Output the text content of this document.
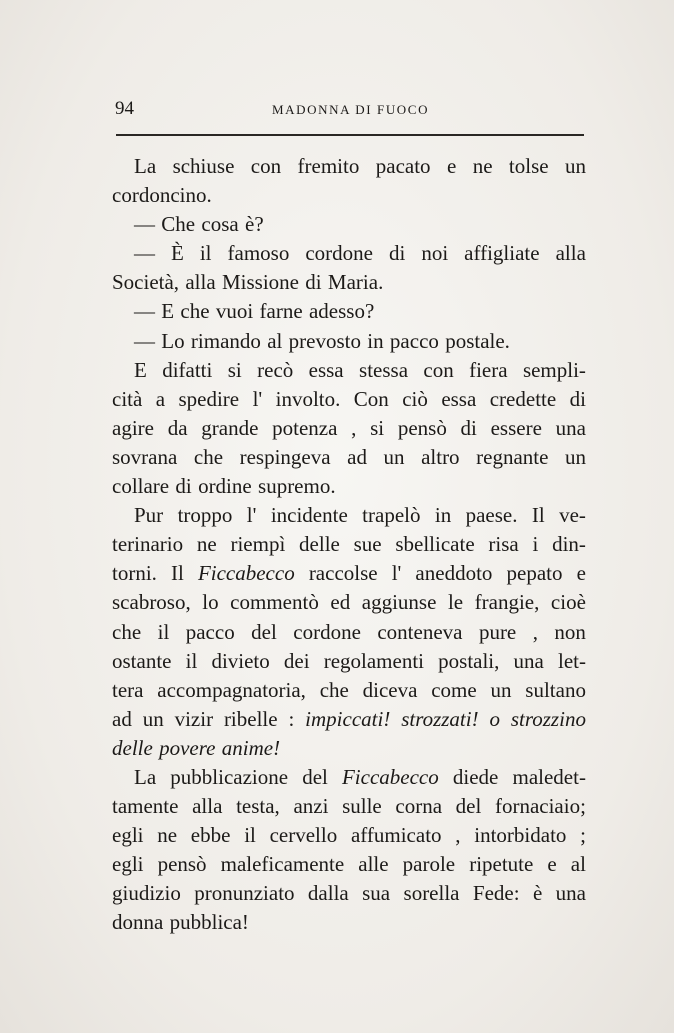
94	MADONNA DI FUOCO
La schiuse con fremito pacato e ne tolse un
cordoncino.
— Che cosa è?
— È il famoso cordone di noi affigliate alla
Società, alla Missione di Maria.
— E che vuoi farne adesso?
— Lo rimando al prevosto in pacco postale.
E difatti si recò essa stessa con fiera sempli-
cità a spedire l' involto. Con ciò essa credette di
agire da grande potenza , si pensò di essere una
sovrana che respingeva ad un altro regnante un
collare di ordine supremo.
Pur troppo l' incidente trapelò in paese. Il ve-
terinario ne riempì delle sue sbellicate risa i din-
torni. Il Ficcabecco raccolse l' aneddoto pepato e
scabroso, lo commentò ed aggiunse le frangie, cioè
che il pacco del cordone conteneva pure , non
ostante il divieto dei regolamenti postali, una let-
tera accompagnatoria, che diceva come un sultano
ad un vizir ribelle : impiccati! strozzati! o strozzino
delle povere anime!
La pubblicazione del Ficcabecco diede maledet-
tamente alla testa, anzi sulle corna del fornaciaio;
egli ne ebbe il cervello affumicato , intorbidato ;
egli pensò maleficamente alle parole ripetute e al
giudizio pronunziato dalla sua sorella Fede: è una
donna pubblica!
